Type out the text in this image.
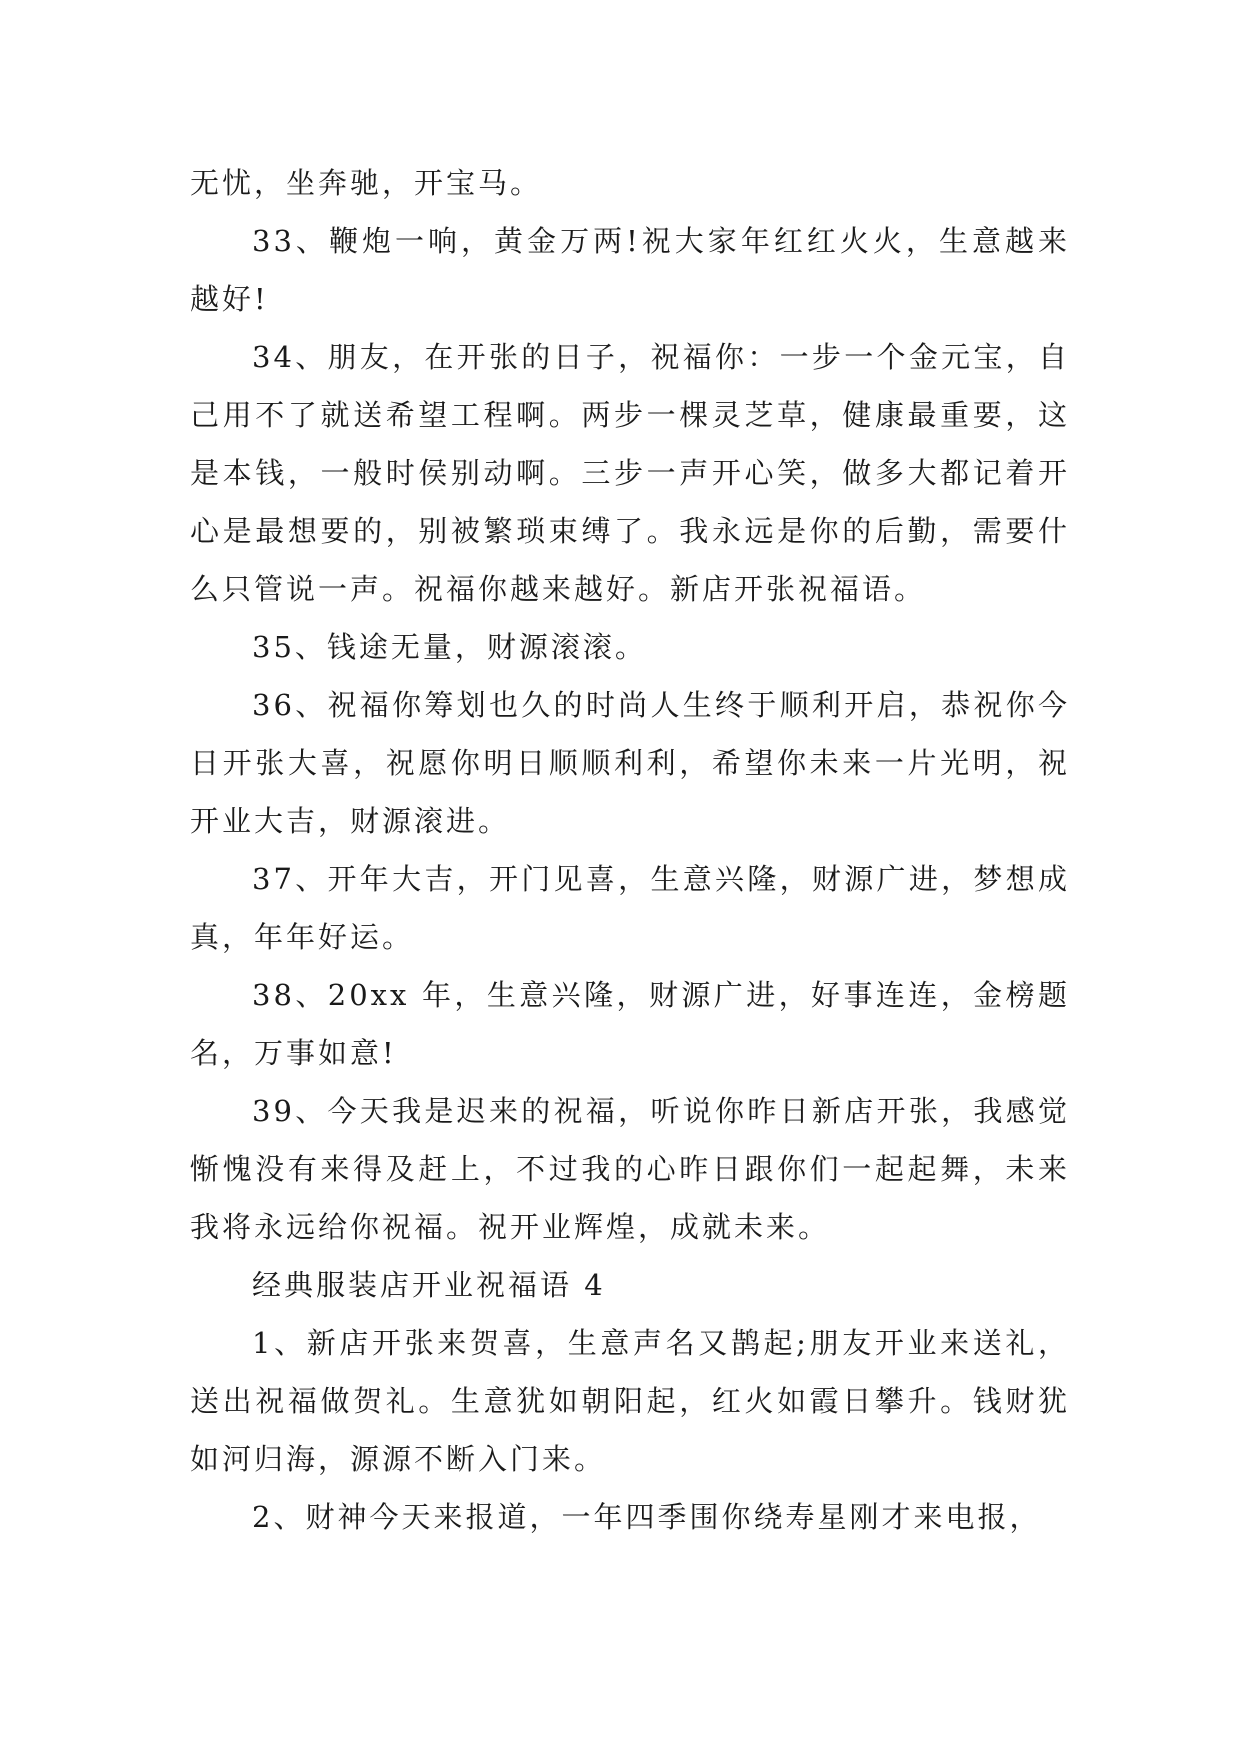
无忧，坐奔驰，开宝马。

33、鞭炮一响，黄金万两!祝大家年红红火火，生意越来越好!

34、朋友，在开张的日子，祝福你：一步一个金元宝，自己用不了就送希望工程啊。两步一棵灵芝草，健康最重要，这是本钱，一般时侯别动啊。三步一声开心笑，做多大都记着开心是最想要的，别被繁琐束缚了。我永远是你的后勤，需要什么只管说一声。祝福你越来越好。新店开张祝福语。

35、钱途无量，财源滚滚。

36、祝福你筹划也久的时尚人生终于顺利开启，恭祝你今日开张大喜，祝愿你明日顺顺利利，希望你未来一片光明，祝开业大吉，财源滚进。

37、开年大吉，开门见喜，生意兴隆，财源广进，梦想成真，年年好运。

38、20xx 年，生意兴隆，财源广进，好事连连，金榜题名，万事如意!

39、今天我是迟来的祝福，听说你昨日新店开张，我感觉惭愧没有来得及赶上，不过我的心昨日跟你们一起起舞，未来我将永远给你祝福。祝开业辉煌，成就未来。

经典服装店开业祝福语 4

1、新店开张来贺喜，生意声名又鹊起;朋友开业来送礼，送出祝福做贺礼。生意犹如朝阳起，红火如霞日攀升。钱财犹如河归海，源源不断入门来。

2、财神今天来报道，一年四季围你绕寿星刚才来电报，
